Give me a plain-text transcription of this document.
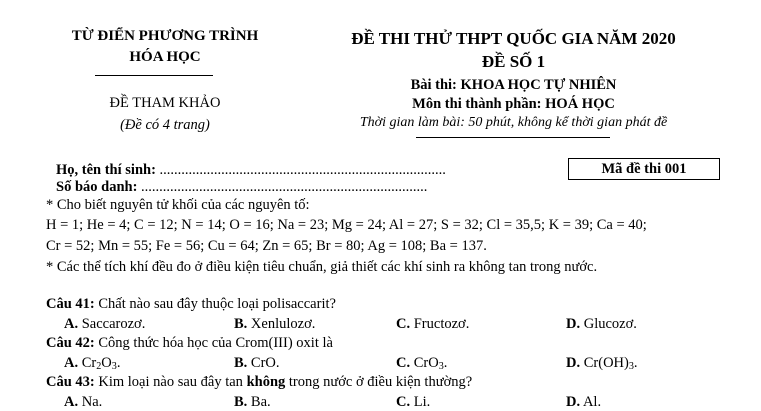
TỪ ĐIỂN PHƯƠNG TRÌNH
HÓA HỌC
ĐỀ THAM KHẢO
(Đề có 4 trang)
ĐỀ THI THỬ THPT QUỐC GIA NĂM 2020
ĐỀ SỐ 1
Bài thi: KHOA HỌC TỰ NHIÊN
Môn thi thành phần: HOÁ HỌC
Thời gian làm bài: 50 phút, không kể thời gian phát đề
Họ, tên thí sinh: ...............................................................................
Số báo danh: ...............................................................................
Mã đề thi 001
* Cho biết nguyên tử khối của các nguyên tố:
H = 1; He = 4; C = 12; N = 14; O = 16; Na = 23; Mg = 24; Al = 27; S = 32; Cl = 35,5; K = 39; Ca = 40;
Cr = 52; Mn = 55; Fe = 56; Cu = 64; Zn = 65; Br = 80; Ag = 108; Ba = 137.
* Các thể tích khí đều đo ở điều kiện tiêu chuẩn, giả thiết các khí sinh ra không tan trong nước.
Câu 41: Chất nào sau đây thuộc loại polisaccarit?
A. Saccarozơ.	B. Xenlulozơ.	C. Fructozơ.	D. Glucozơ.
Câu 42: Công thức hóa học của Crom(III) oxit là
A. $Cr_2O_3$.	B. CrO.	C. CrO$_3$.	D. $Cr(OH)_3$.
Câu 43: Kim loại nào sau đây tan không trong nước ở điều kiện thường?
A. Na.	B. Ba.	C. Li.	D. Al.
